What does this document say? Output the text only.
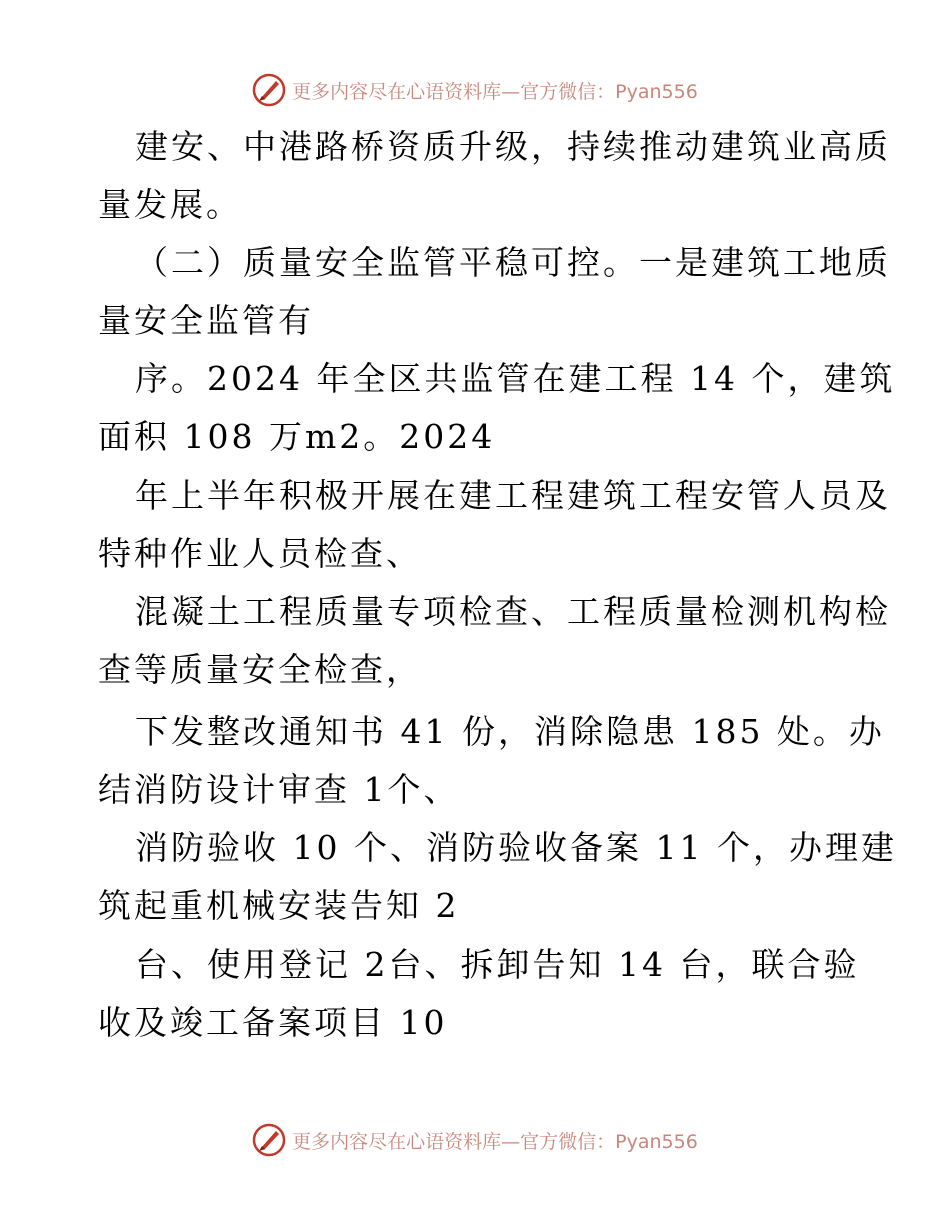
更多内容尽在心语资料库—官方微信：Pyan556
建安、中港路桥资质升级，持续推动建筑业高质
量发展。
（二）质量安全监管平稳可控。一是建筑工地质
量安全监管有
序。2024 年全区共监管在建工程 14 个，建筑
面积 108 万m2。2024
年上半年积极开展在建工程建筑工程安管人员及
特种作业人员检查、
混凝土工程质量专项检查、工程质量检测机构检
查等质量安全检查，
下发整改通知书 41 份，消除隐患 185 处。办
结消防设计审查 1个、
消防验收 10 个、消防验收备案 11 个，办理建
筑起重机械安装告知 2
台、使用登记 2台、拆卸告知 14 台，联合验
收及竣工备案项目 10
更多内容尽在心语资料库—官方微信：Pyan556
